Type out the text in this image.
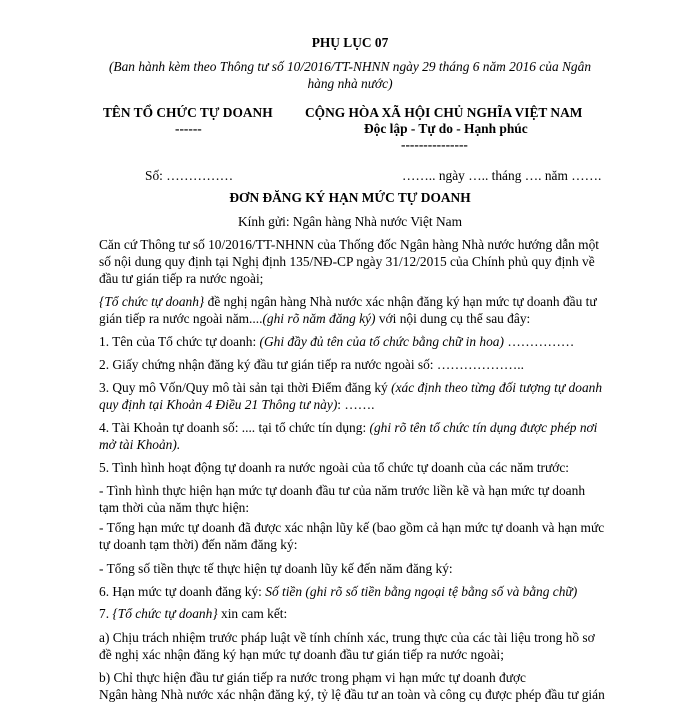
PHỤ LỤC 07
(Ban hành kèm theo Thông tư số 10/2016/TT-NHNN ngày 29 tháng 6 năm 2016 của Ngân
hàng nhà nước)
TÊN TỔ CHỨC TỰ DOANH
------
CỘNG HÒA XÃ HỘI CHỦ NGHĨA VIỆT NAM
Độc lập - Tự do - Hạnh phúc
---------------
Số: ……………	…….. ngày ….. tháng …. năm …….
ĐƠN ĐĂNG KÝ HẠN MỨC TỰ DOANH
Kính gửi: Ngân hàng Nhà nước Việt Nam
Căn cứ Thông tư số 10/2016/TT-NHNN của Thống đốc Ngân hàng Nhà nước hướng dẫn một
số nội dung quy định tại Nghị định 135/NĐ-CP ngày 31/12/2015 của Chính phủ quy định về
đầu tư gián tiếp ra nước ngoài;
{Tổ chức tự doanh} đề nghị ngân hàng Nhà nước xác nhận đăng ký hạn mức tự doanh đầu tư
gián tiếp ra nước ngoài năm....(ghi rõ năm đăng ký) với nội dung cụ thể sau đây:
1. Tên của Tổ chức tự doanh: (Ghi đầy đủ tên của tổ chức bằng chữ in hoa) ……………
2. Giấy chứng nhận đăng ký đầu tư gián tiếp ra nước ngoài số: ………………..
3. Quy mô Vốn/Quy mô tài sản tại thời Điểm đăng ký (xác định theo từng đối tượng tự doanh
quy định tại Khoản 4 Điều 21 Thông tư này): …….
4. Tài Khoản tự doanh số: .... tại tổ chức tín dụng: (ghi rõ tên tổ chức tín dụng được phép nơi
mở tài Khoản).
5. Tình hình hoạt động tự doanh ra nước ngoài của tổ chức tự doanh của các năm trước:
- Tình hình thực hiện hạn mức tự doanh đầu tư của năm trước liền kề và hạn mức tự doanh
tạm thời của năm thực hiện:
- Tổng hạn mức tự doanh đã được xác nhận lũy kế (bao gồm cả hạn mức tự doanh và hạn mức
tự doanh tạm thời) đến năm đăng ký:
- Tổng số tiền thực tế thực hiện tự doanh lũy kế đến năm đăng ký:
6. Hạn mức tự doanh đăng ký: Số tiền (ghi rõ số tiền bằng ngoại tệ bằng số và bằng chữ)
7. {Tổ chức tự doanh} xin cam kết:
a) Chịu trách nhiệm trước pháp luật về tính chính xác, trung thực của các tài liệu trong hồ sơ
đề nghị xác nhận đăng ký hạn mức tự doanh đầu tư gián tiếp ra nước ngoài;
b) Chỉ thực hiện đầu tư gián tiếp ra nước trong phạm vi hạn mức tự doanh được
Ngân hàng Nhà nước xác nhận đăng ký, tỷ lệ đầu tư an toàn và công cụ được phép đầu tư gián
